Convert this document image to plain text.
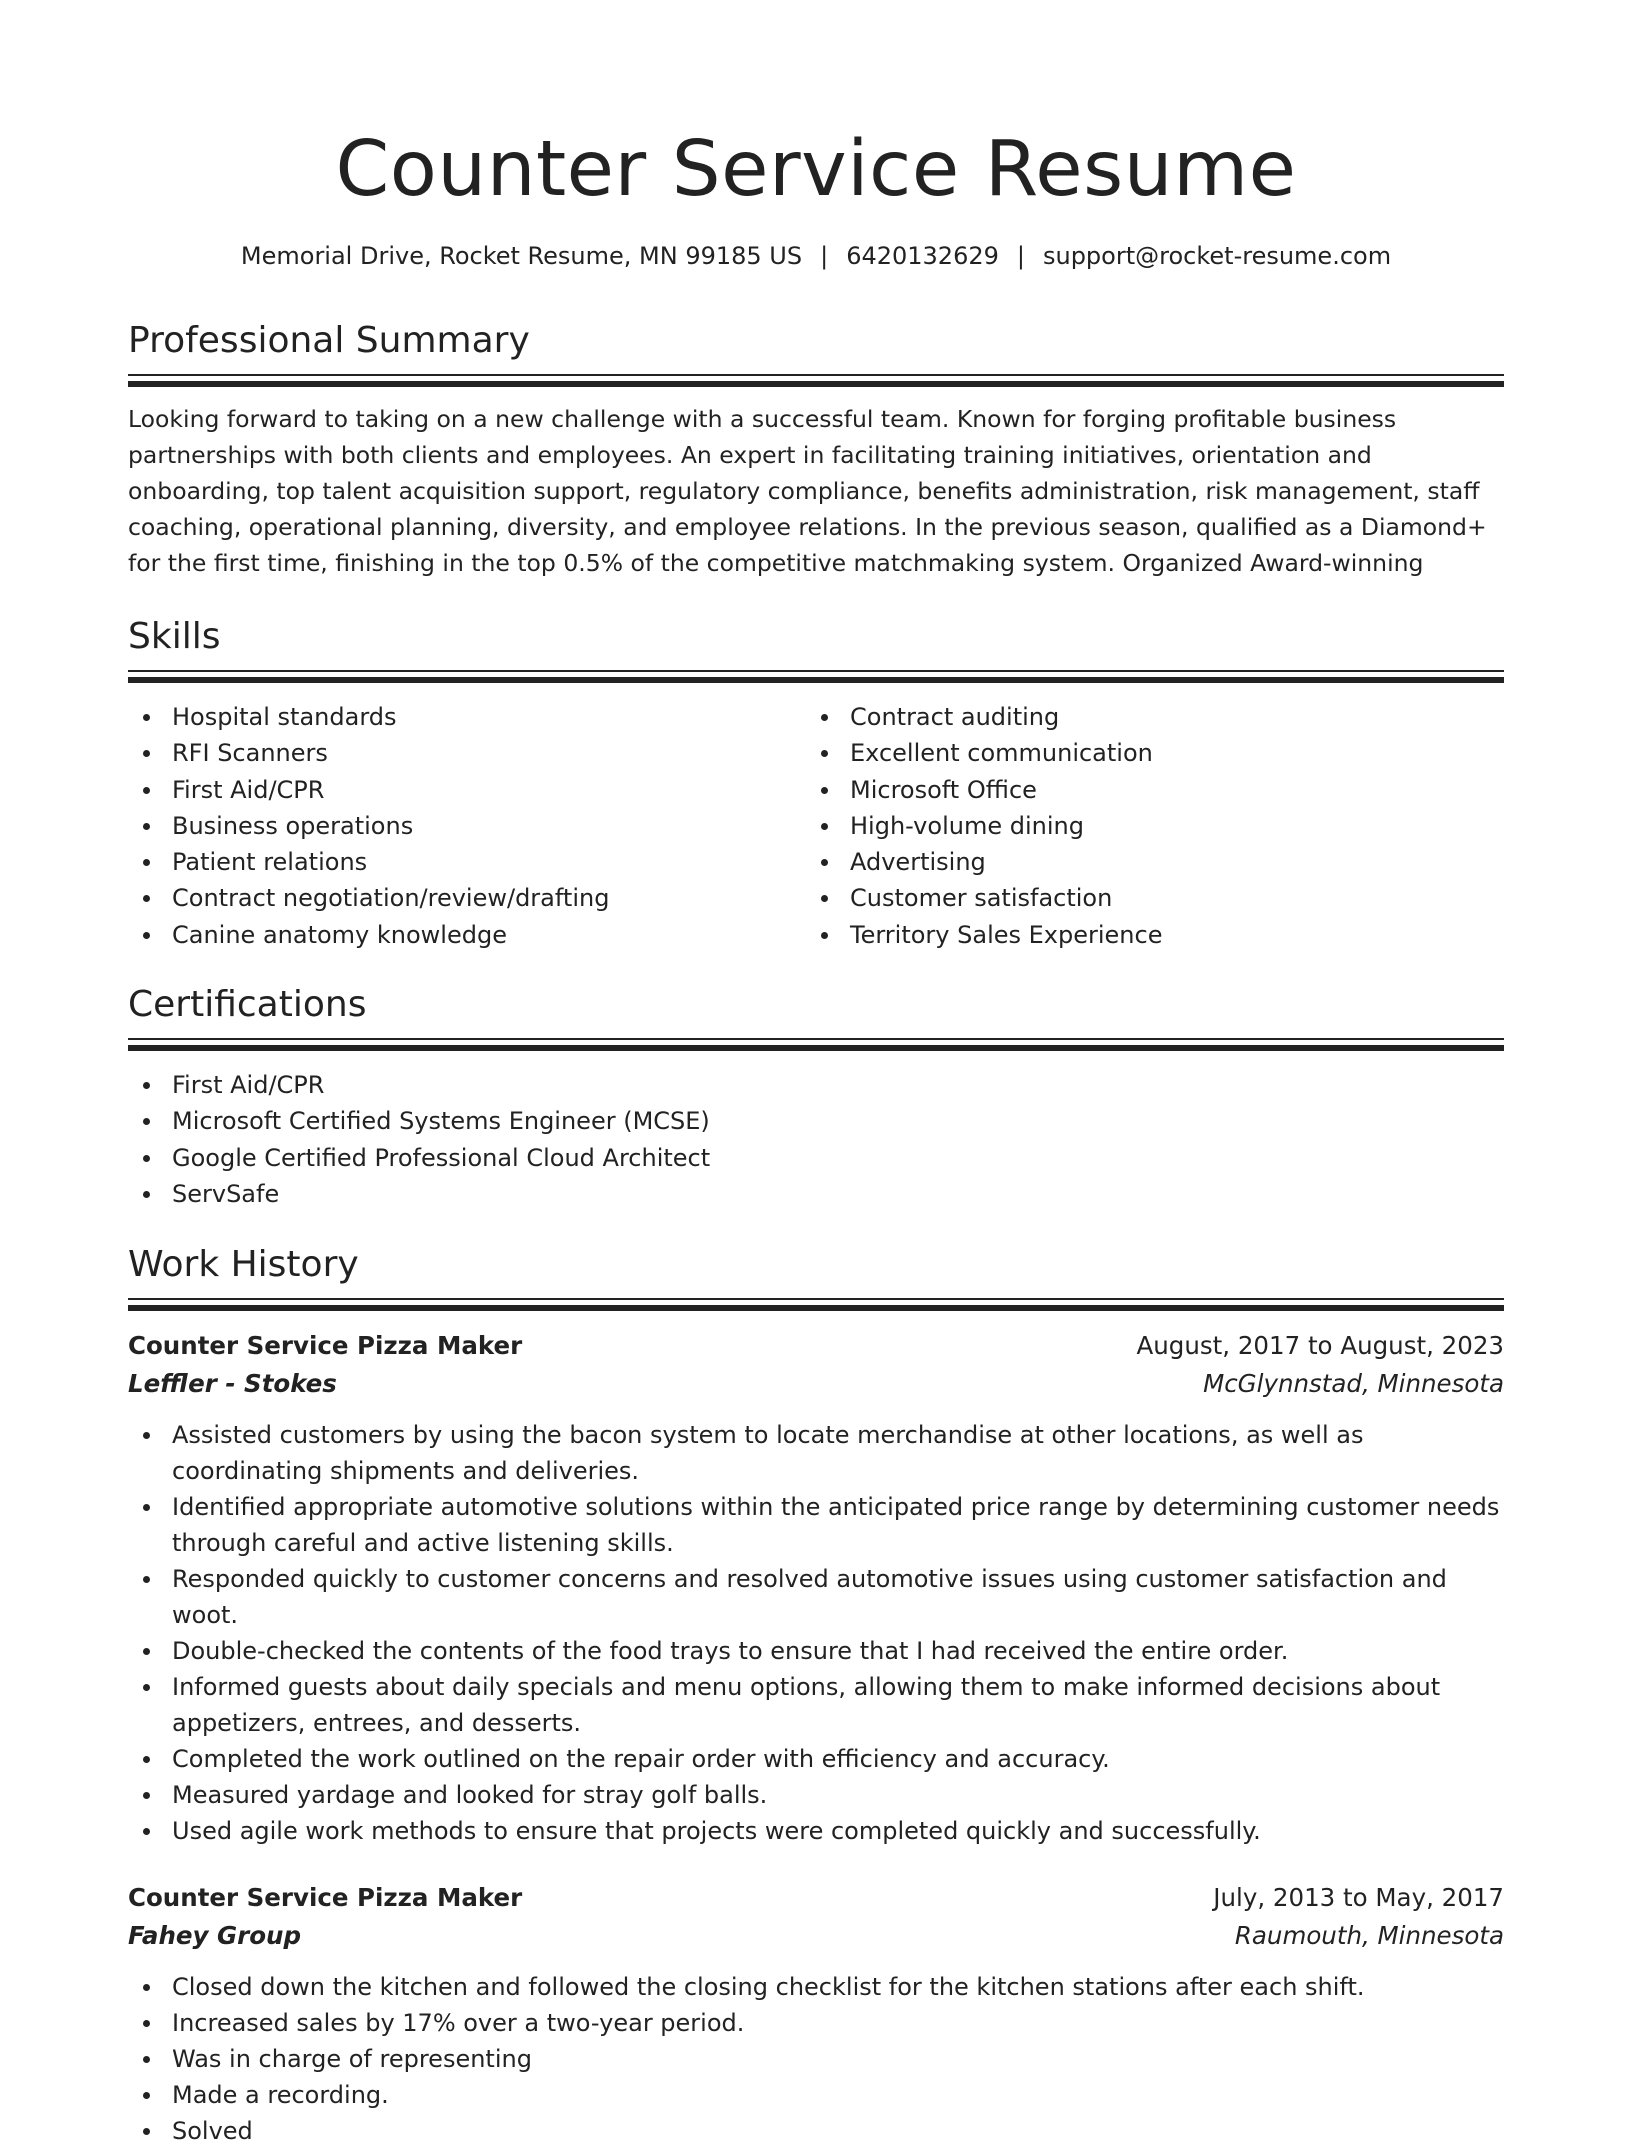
Counter Service Resume
Memorial Drive, Rocket Resume, MN 99185 US | 6420132629 | support@rocket-resume.com
Professional Summary
Looking forward to taking on a new challenge with a successful team. Known for forging profitable business partnerships with both clients and employees. An expert in facilitating training initiatives, orientation and onboarding, top talent acquisition support, regulatory compliance, benefits administration, risk management, staff coaching, operational planning, diversity, and employee relations. In the previous season, qualified as a Diamond+ for the first time, finishing in the top 0.5% of the competitive matchmaking system. Organized Award-winning
Skills
Hospital standards
RFI Scanners
First Aid/CPR
Business operations
Patient relations
Contract negotiation/review/drafting
Canine anatomy knowledge
Contract auditing
Excellent communication
Microsoft Office
High-volume dining
Advertising
Customer satisfaction
Territory Sales Experience
Certifications
First Aid/CPR
Microsoft Certified Systems Engineer (MCSE)
Google Certified Professional Cloud Architect
ServSafe
Work History
Counter Service Pizza Maker	August, 2017 to August, 2023
Leffler - Stokes	McGlynnstad, Minnesota
Assisted customers by using the bacon system to locate merchandise at other locations, as well as coordinating shipments and deliveries.
Identified appropriate automotive solutions within the anticipated price range by determining customer needs through careful and active listening skills.
Responded quickly to customer concerns and resolved automotive issues using customer satisfaction and woot.
Double-checked the contents of the food trays to ensure that I had received the entire order.
Informed guests about daily specials and menu options, allowing them to make informed decisions about appetizers, entrees, and desserts.
Completed the work outlined on the repair order with efficiency and accuracy.
Measured yardage and looked for stray golf balls.
Used agile work methods to ensure that projects were completed quickly and successfully.
Counter Service Pizza Maker	July, 2013 to May, 2017
Fahey Group	Raumouth, Minnesota
Closed down the kitchen and followed the closing checklist for the kitchen stations after each shift.
Increased sales by 17% over a two-year period.
Was in charge of representing
Made a recording.
Solved
